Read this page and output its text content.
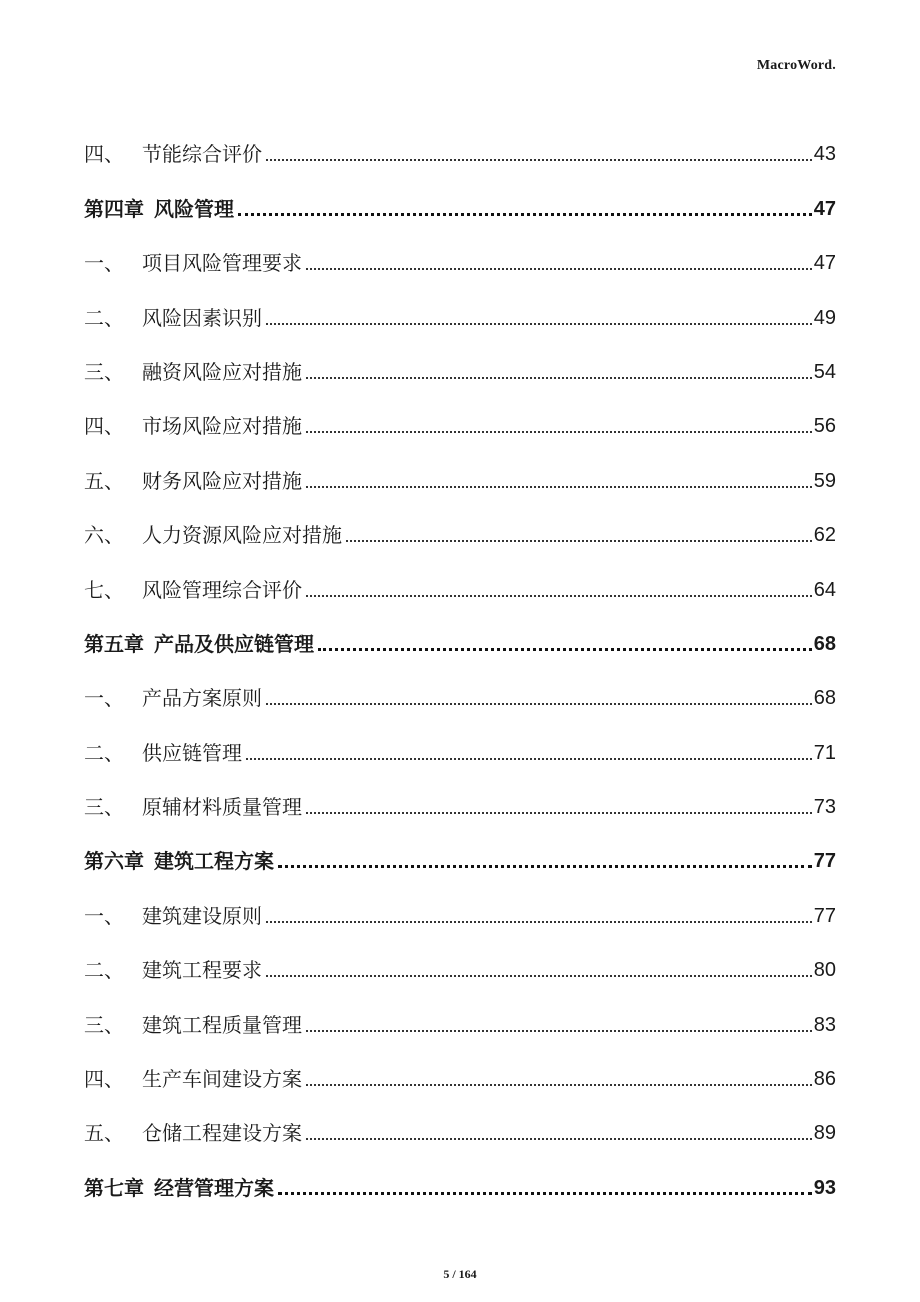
MacroWord.
四、 节能综合评价	43
第四章 风险管理	47
一、 项目风险管理要求	47
二、 风险因素识别	49
三、 融资风险应对措施	54
四、 市场风险应对措施	56
五、 财务风险应对措施	59
六、 人力资源风险应对措施	62
七、 风险管理综合评价	64
第五章 产品及供应链管理	68
一、 产品方案原则	68
二、 供应链管理	71
三、 原辅材料质量管理	73
第六章 建筑工程方案	77
一、 建筑建设原则	77
二、 建筑工程要求	80
三、 建筑工程质量管理	83
四、 生产车间建设方案	86
五、 仓储工程建设方案	89
第七章 经营管理方案	93
5 / 164
